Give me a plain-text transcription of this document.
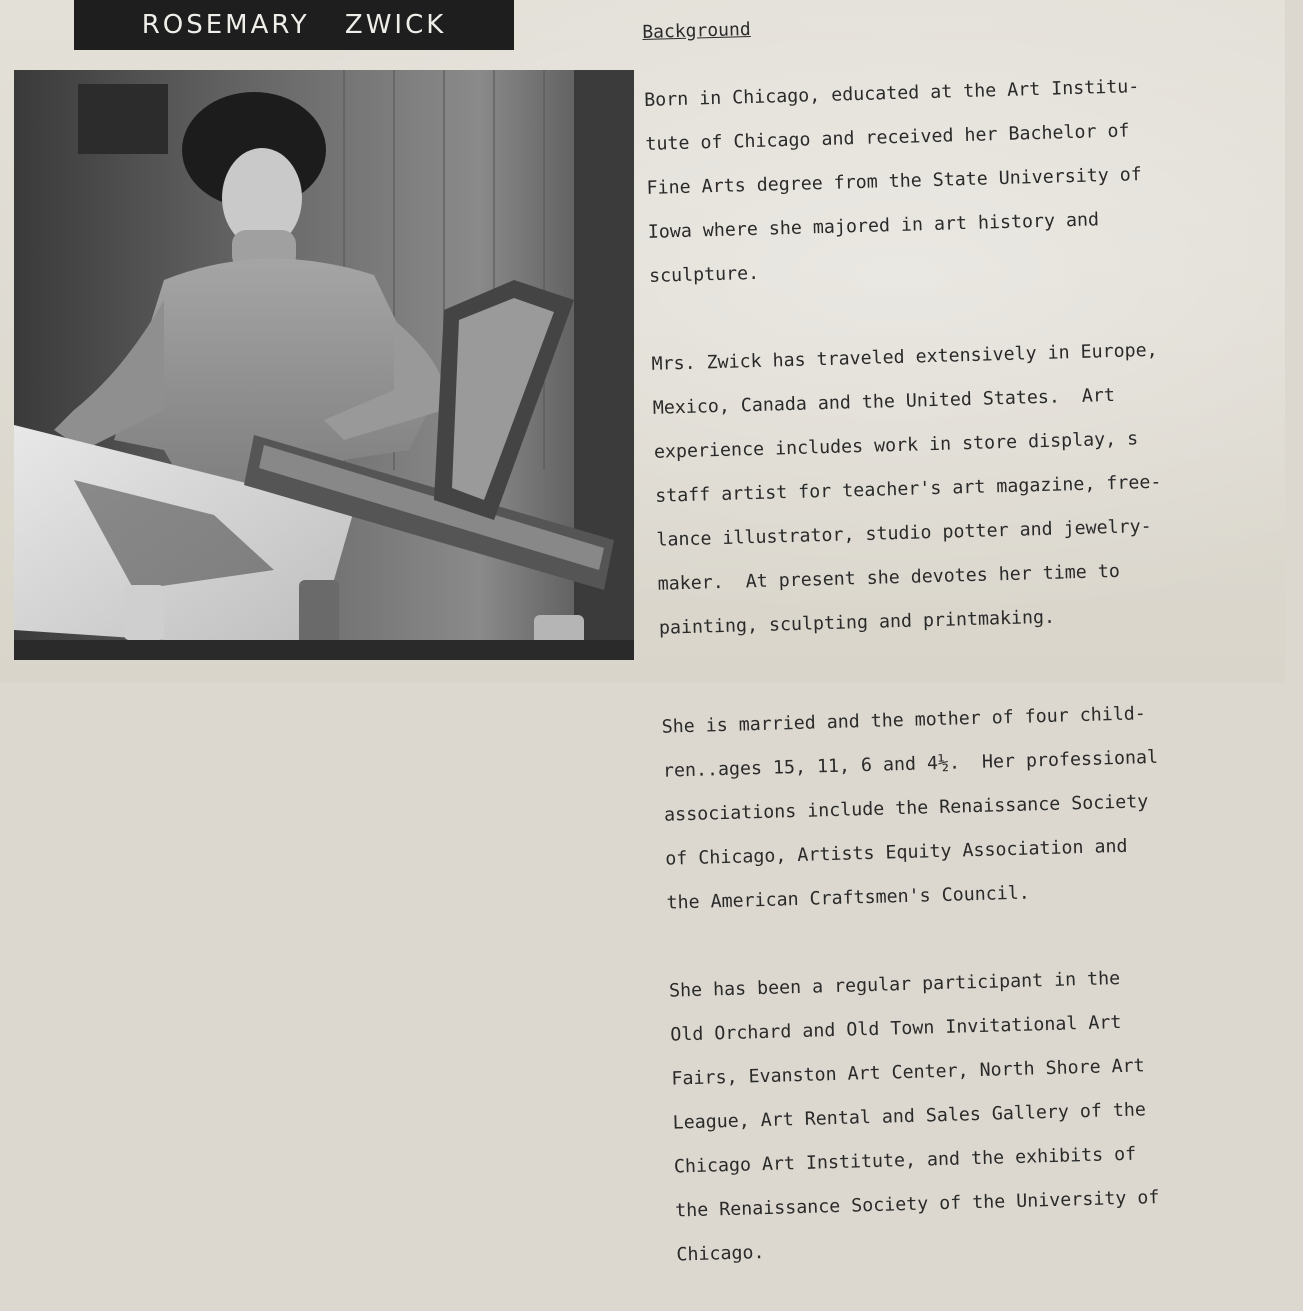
ROSEMARY ZWICK	Background

Born in Chicago, educated at the Art Institu-

tute of Chicago and received her Bachelor of

Fine Arts degree from the State University of

Iowa where she majored in art history and

sculpture.

Mrs. Zwick has traveled extensively in Europe,

Mexico, Canada and the United States.  Art

experience includes work in store display, s

staff artist for teacher's art magazine, free-

lance illustrator, studio potter and jewelry-

maker.  At present she devotes her time to

painting, sculpting and printmaking.

She is married and the mother of four child-

ren..ages 15, 11, 6 and 4½.  Her professional

associations include the Renaissance Society

of Chicago, Artists Equity Association and

the American Craftsmen's Council.

She has been a regular participant in the

Old Orchard and Old Town Invitational Art

Fairs, Evanston Art Center, North Shore Art

League, Art Rental and Sales Gallery of the

Chicago Art Institute, and the exhibits of

the Renaissance Society of the University of

Chicago.
